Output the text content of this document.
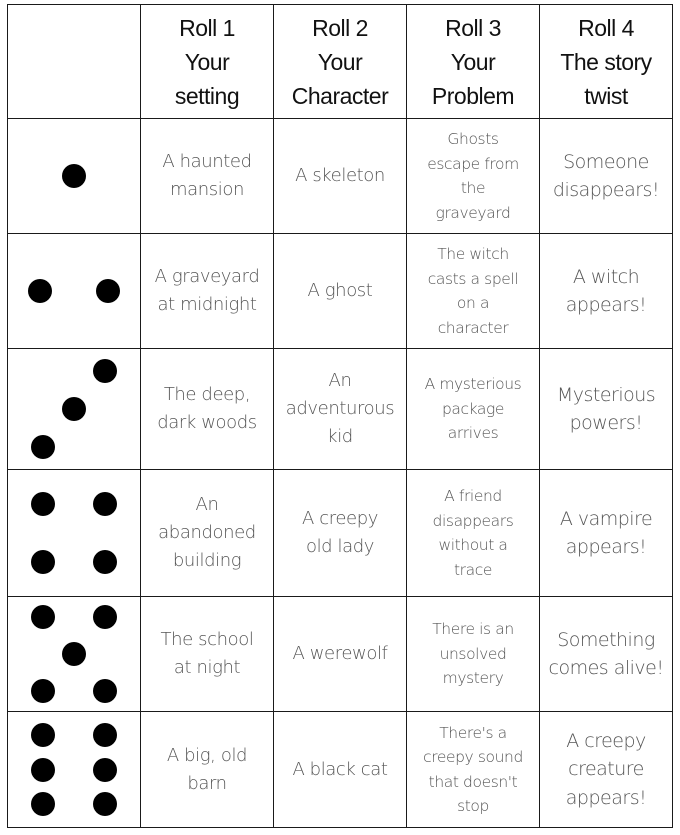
	Roll 1
Your
setting	Roll 2
Your
Character	Roll 3
Your
Problem	Roll 4
The story
twist

	A haunted
mansion	A skeleton	Ghosts
escape from
the
graveyard	Someone
disappears!

	A graveyard
at midnight	A ghost	The witch
casts a spell
on a
character	A witch
appears!

	The deep,
dark woods	An
adventurous
kid	A mysterious
package
arrives	Mysterious
powers!

	An
abandoned
building	A creepy
old lady	A friend
disappears
without a
trace	A vampire
appears!

	The school
at night	A werewolf	There is an
unsolved
mystery	Something
comes alive!

	A big, old
barn	A black cat	There's a
creepy sound
that doesn't
stop	A creepy
creature
appears!
